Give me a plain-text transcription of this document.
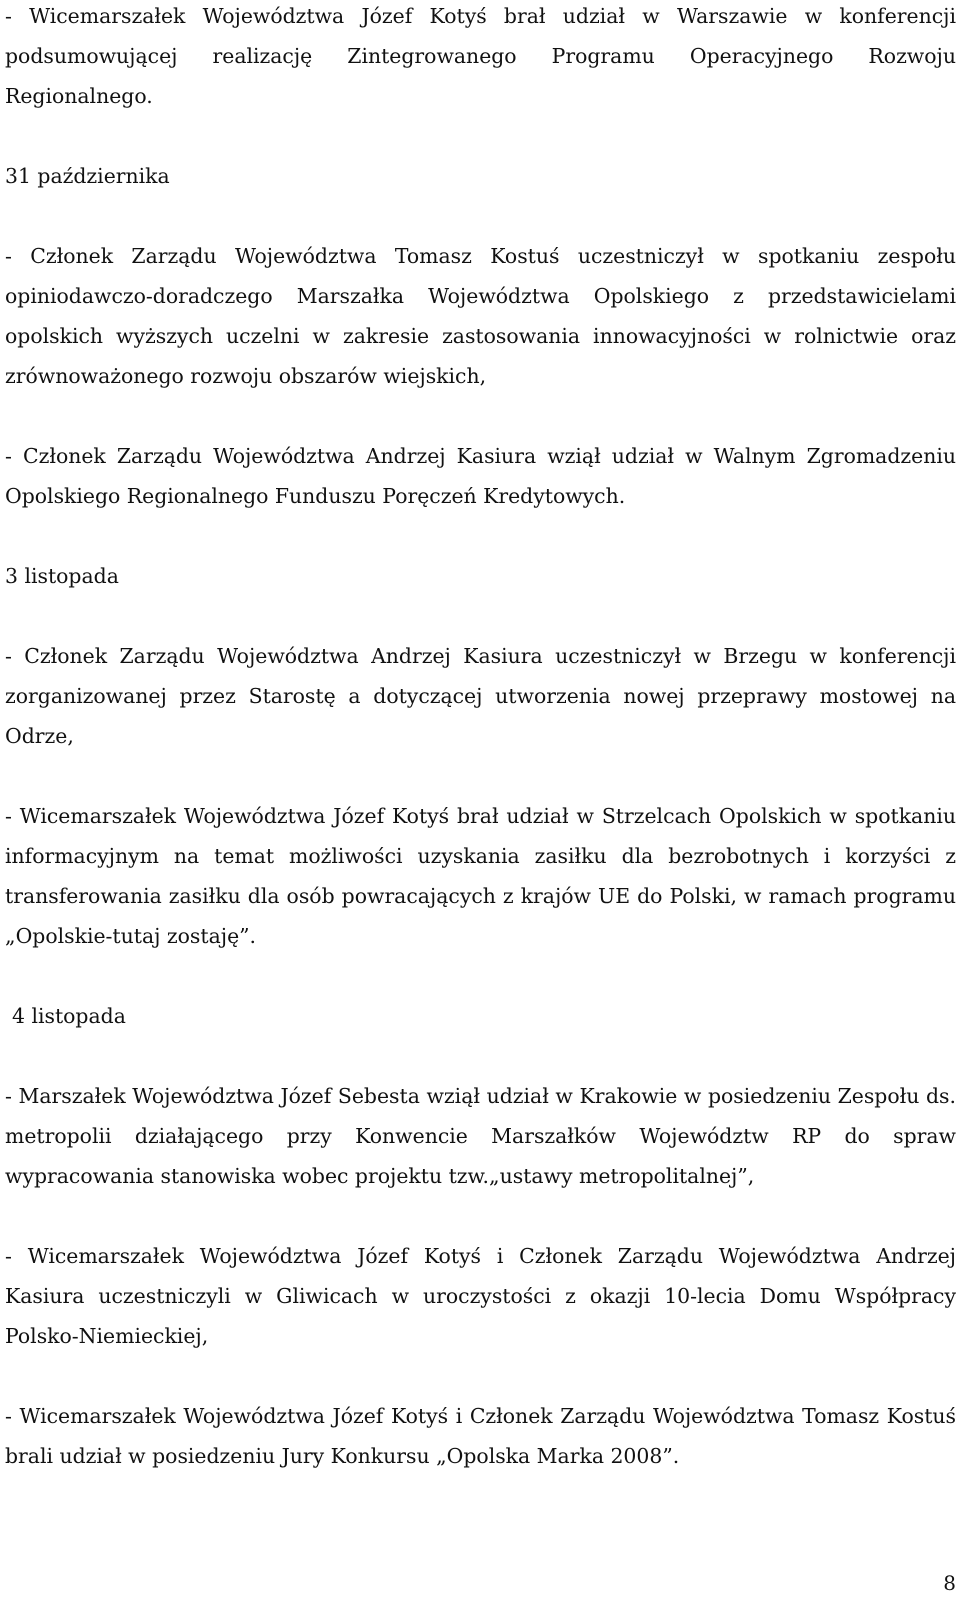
- Wicemarszałek Województwa Józef Kotyś brał udział w Warszawie w konferencji podsumowującej realizację Zintegrowanego Programu Operacyjnego Rozwoju Regionalnego.

31 października

- Członek Zarządu Województwa Tomasz Kostuś uczestniczył w spotkaniu zespołu opiniodawczo-doradczego Marszałka Województwa Opolskiego z przedstawicielami opolskich wyższych uczelni w zakresie zastosowania innowacyjności w rolnictwie oraz zrównoważonego rozwoju obszarów wiejskich,

- Członek Zarządu Województwa Andrzej Kasiura wziął udział w Walnym Zgromadzeniu Opolskiego Regionalnego Funduszu Poręczeń Kredytowych.

3 listopada

- Członek Zarządu Województwa Andrzej Kasiura uczestniczył w Brzegu w konferencji zorganizowanej przez Starostę a dotyczącej utworzenia nowej przeprawy mostowej na Odrze,

- Wicemarszałek Województwa Józef Kotyś brał udział w Strzelcach Opolskich w spotkaniu informacyjnym na temat możliwości uzyskania zasiłku dla bezrobotnych i korzyści z transferowania zasiłku dla osób powracających z krajów UE do Polski, w ramach programu „Opolskie-tutaj zostaję”.

4 listopada

- Marszałek Województwa Józef Sebesta wziął udział w Krakowie w posiedzeniu Zespołu ds. metropolii działającego przy Konwencie Marszałków Województw RP do spraw wypracowania stanowiska wobec projektu tzw.„ustawy metropolitalnej”,

- Wicemarszałek Województwa Józef Kotyś i Członek Zarządu Województwa Andrzej Kasiura uczestniczyli w Gliwicach w uroczystości z okazji 10-lecia Domu Współpracy Polsko-Niemieckiej,

- Wicemarszałek Województwa Józef Kotyś i Członek Zarządu Województwa Tomasz Kostuś brali udział w posiedzeniu Jury Konkursu „Opolska Marka 2008”.

8
